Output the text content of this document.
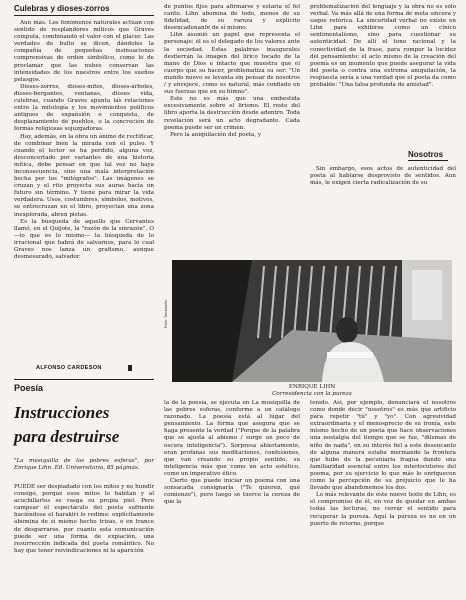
Culebras y dioses-zorros

Aun más. Los fenómenos naturales actúan con sentido de resplandores míticos que Graves computa, combinando el valor con el placer. Las verdades de bulto se dicen, dándoles la compañía de pequeñas insinuaciones comprensivas de orden simbólico, como lo de proclamar que las nubes conservan las intensidades de los nuestros entre los sueños pelasgos.

Dioses-zorros, dioses-mitos, dioses-árboles, dioses-bergantes, ventanas, dioses vida, culebras, cuando Graves apunta las relaciones entre la mitología y los movimientos políticos antiguos de expansión o conquista, de desplazamiento de pueblos, o la concreción de formas religiosas sojuzgadoras.

Hay, además, en la obra un ánimo de rectificar, de combinar bien la mirada con el pulso. Y cuando el lector se ha perdido, alguna vez, desconcertado por variantes de una historia mítica, debe pensar en que tal vez no haya inconsecuencia, sino una mala interpretación hecha por los "mitógrafos". Las imágenes se cruzan y el rito proyecta sus auras hacia un futuro sin término. Y tiene para mirar la vida verdadera. Usos, costumbres, símbolos, motivos, se entrecruzan en el libro, proyectan una zona inexplorada, abren pistas.

Es la búsqueda de aquello que Cervantes llamó, en el Quijote, la "razón de la sinrazón". O —lo que es lo mismo— la búsqueda de lo irracional que habrá de salvarnos, para lo cual Graves nos lanza un grafismo, aunque desmesurado, salvador.

ALFONSO CARDESON
Poesía
Instrucciones
para destruirse

"La musiquilla de las pobres esferas", por Enrique Lihn. Ed. Universitaria, 85 páginas.

PUEDE ser despiadado con los mitos y no hundir consigo, porque esos mitos lo habitan y al acuchillarlos se rasga su propia piel. Pero campear el espectáculo del poeta sufriente haciéndose el harakiri lo redime: explícitamente abomina de sí mismo hecho trizas, o en trance de desgarrarse, por cuanto esta comunicación puede ser una forma de expiación, una resurrección indicada del poeta romántico. No hay que tener reivindicaciones ni la aparición

de puntos fijos para afirmarse y estaría el fel canto. Lihn abomina de todo, menos de su fidelidad, de su rareza y explícito desencadenante de sí mismo.

Lihn asumió un papel que representa el personaje: él es el delegado de los valores ante la sociedad. Estas palabras inaugurales destierran la imagen del lírico tocado de la mano de Dios e intacto que muestra que el cuerpo que su hacer, problematiza su ser: "Un mundo nuevo se levanta sin pensar de nosotros / y envejece, como es natural, más confiado en sus fuerzas que en su himno".

Este no es más que una embestida excesivamente sobre el lirismo. El resto del libro aporta la destrucción desde adentro. Toda revelación será un acto degradante. Cada poema puede ser un crimen.

Pero la aniquilación del poeta, y

Foto: Tomasello
ENRIQUE LIHN
Corresidencia con la pureza

la de la poesía, se ejecuta en La musiquilla de las pobres esferas, conforme a un catálogo razonado. La poesía está al lugar del pensamiento. La forma que asegura que se haga presente la verdad ("Porque de la palabra que se ajusta al abismo / surge un poco de oscura inteligencia"). Sorpresa abiertamente, eran profanas sus meditaciones, confesiones, que van creando su propio sentido, su inteligencia más que como un acto estético, como un imperativo ético.

Cierto que puede iniciar un poema con una sonsacada consignaría ("Te quieren, qué comienzo"), pero luego se tuerce la cereza de que la

problematización del lenguaje y la obra no es sólo verbal. Va más allá de una forma de meta sincera y saque retórica. La sinceridad verbal no existe en Lihn para exhibirse como un cínico sentimentalismo, sino para cuestionar su autenticidad. De allí el tono racional y la conectividad de la frase, para romper la lucidez del pensamiento: el acto mismo de la creación del poema es un momento que puede asegurar la vida del poeta o contra una extrema aniquilación, la respuesta sería a una verdad que el poeta da como probable: "Una falsa profunda de amistad".

Nosotros

Sin embargo, esos actos de autenticidad del poeta al hablarse desprovisto de sentidos. Aun más, le exigen cierta radicalización de su

tenido. Así, por ejemplo, denunciará el nosotros como donde decir "nosotros" es más que artificio para repetir "tú" y "yo". Con agresividad extraordinaria y el menosprecio de su ironía, este mismo hecho de un poeta que hace observaciones una nostalgia del tiempo que se fue, "dilemas de niño de nada", en su interés fiel a este desencanto de alguna manera estaba mermando la frontera que hubo de la pecuniaria fragua dando una familiaridad esencial entre los interlocutores del poema, por su ejercicio lo que más lo enriquecen como la percepción de su prejuicio que le ha llevado que abandonemos los dos.

Lo más relevante de este nuevo texto de Lihn, es el compromiso de él, en vez de quedar en ambas todas las lecturas, no cerrar el sentido para recuperar la pureza. Aquí la pureza es no en un puerto de retorno, porque
